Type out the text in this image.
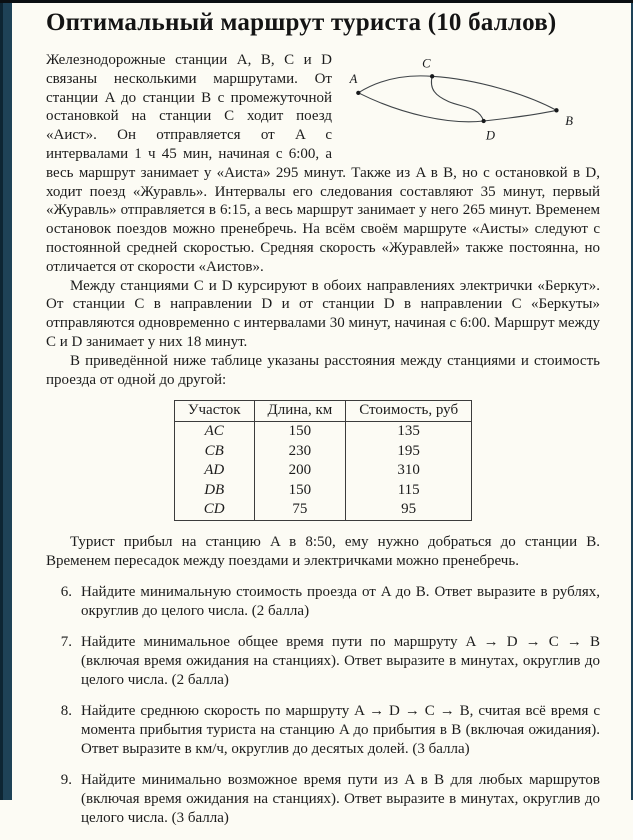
Оптимальный маршрут туриста (10 баллов)
A
C
D
B
Железнодорожные станции A, B, C и D связаны несколькими маршрутами. От станции A до станции B с промежуточной остановкой на станции C ходит поезд «Аист». Он отправляется от A с интервалами 1 ч 45 мин, начиная с 6:00, а весь маршрут занимает у «Аиста» 295 минут. Также из A в B, но с остановкой в D, ходит поезд «Журавль». Интервалы его следования составляют 35 минут, первый «Журавль» отправляется в 6:15, а весь маршрут занимает у него 265 минут. Временем остановок поездов можно пренебречь. На всём своём маршруте «Аисты» следуют с постоянной средней скоростью. Средняя скорость «Журавлей» также постоянна, но отличается от скорости «Аистов».
Между станциями C и D курсируют в обоих направлениях электрички «Беркут». От станции C в направлении D и от станции D в направлении C «Беркуты» отправляются одновременно с интервалами 30 минут, начиная с 6:00. Маршрут между C и D занимает у них 18 минут.
В приведённой ниже таблице указаны расстояния между станциями и стоимость проезда от одной до другой:
Участок	Длина, км	Стоимость, руб
AC	150	135
CB	230	195
AD	200	310
DB	150	115
CD	75	95
Турист прибыл на станцию A в 8:50, ему нужно добраться до станции B. Временем пересадок между поездами и электричками можно пренебречь.
6. Найдите минимальную стоимость проезда от A до B. Ответ выразите в рублях, округлив до целого числа. (2 балла)
7. Найдите минимальное общее время пути по маршруту A → D → C → B (включая время ожидания на станциях). Ответ выразите в минутах, округлив до целого числа. (2 балла)
8. Найдите среднюю скорость по маршруту A → D → C → B, считая всё время с момента прибытия туриста на станцию A до прибытия в B (включая ожидания). Ответ выразите в км/ч, округлив до десятых долей. (3 балла)
9. Найдите минимально возможное время пути из A в B для любых маршрутов (включая время ожидания на станциях). Ответ выразите в минутах, округлив до целого числа. (3 балла)
